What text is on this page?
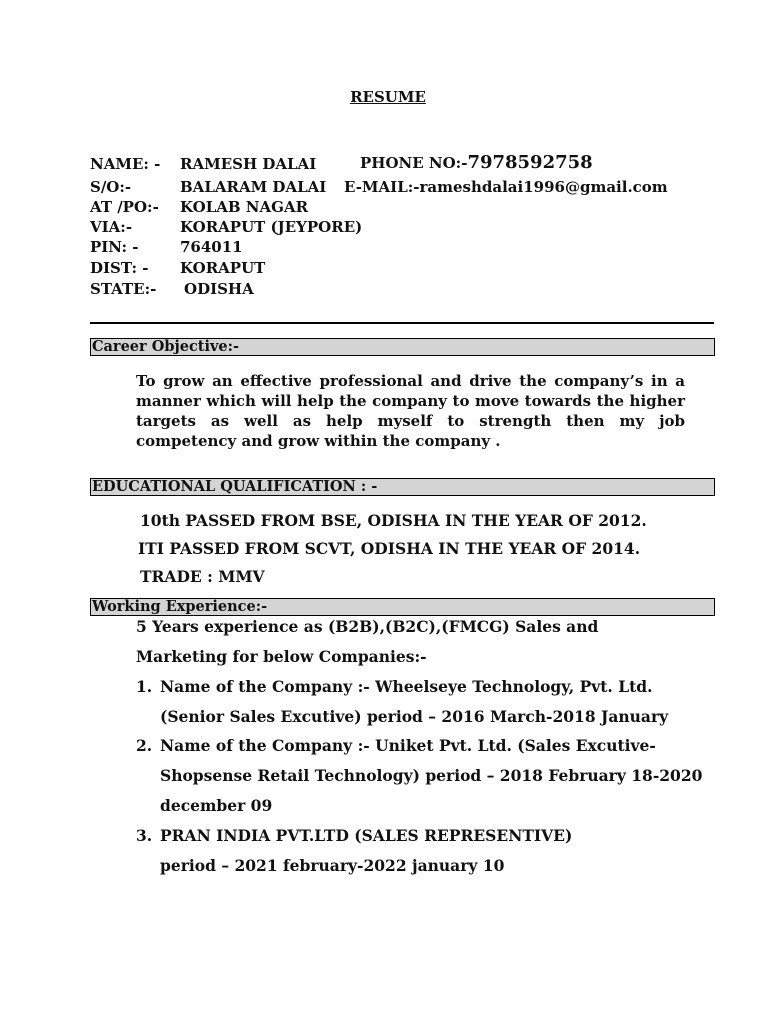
RESUME
NAME: - RAMESH DALAI	PHONE NO:-7978592758
S/O:-	BALARAM DALAI E-MAIL:-rameshdalai1996@gmail.com
AT /PO:- KOLAB NAGAR
VIA:-	KORAPUT (JEYPORE)
PIN: -	764011
DIST: - KORAPUT
STATE:- ODISHA
Career Objective:-
To grow an effective professional and drive the company’s in a manner which will help the company to move towards the higher targets as well as help myself to strength then my job competency and grow within the company .
EDUCATIONAL QUALIFICATION : -
10th PASSED FROM BSE, ODISHA IN THE YEAR OF 2012.
ITI PASSED FROM SCVT, ODISHA IN THE YEAR OF 2014.
TRADE : MMV
Working Experience:-
5 Years experience as (B2B),(B2C),(FMCG) Sales and
Marketing for below Companies:-
1. Name of the Company :- Wheelseye Technology, Pvt. Ltd.
(Senior Sales Excutive) period – 2016 March-2018 January
2. Name of the Company :- Uniket Pvt. Ltd. (Sales Excutive-
Shopsense Retail Technology) period – 2018 February 18-2020
december 09
3. PRAN INDIA PVT.LTD (SALES REPRESENTIVE)
period – 2021 february-2022 january 10
